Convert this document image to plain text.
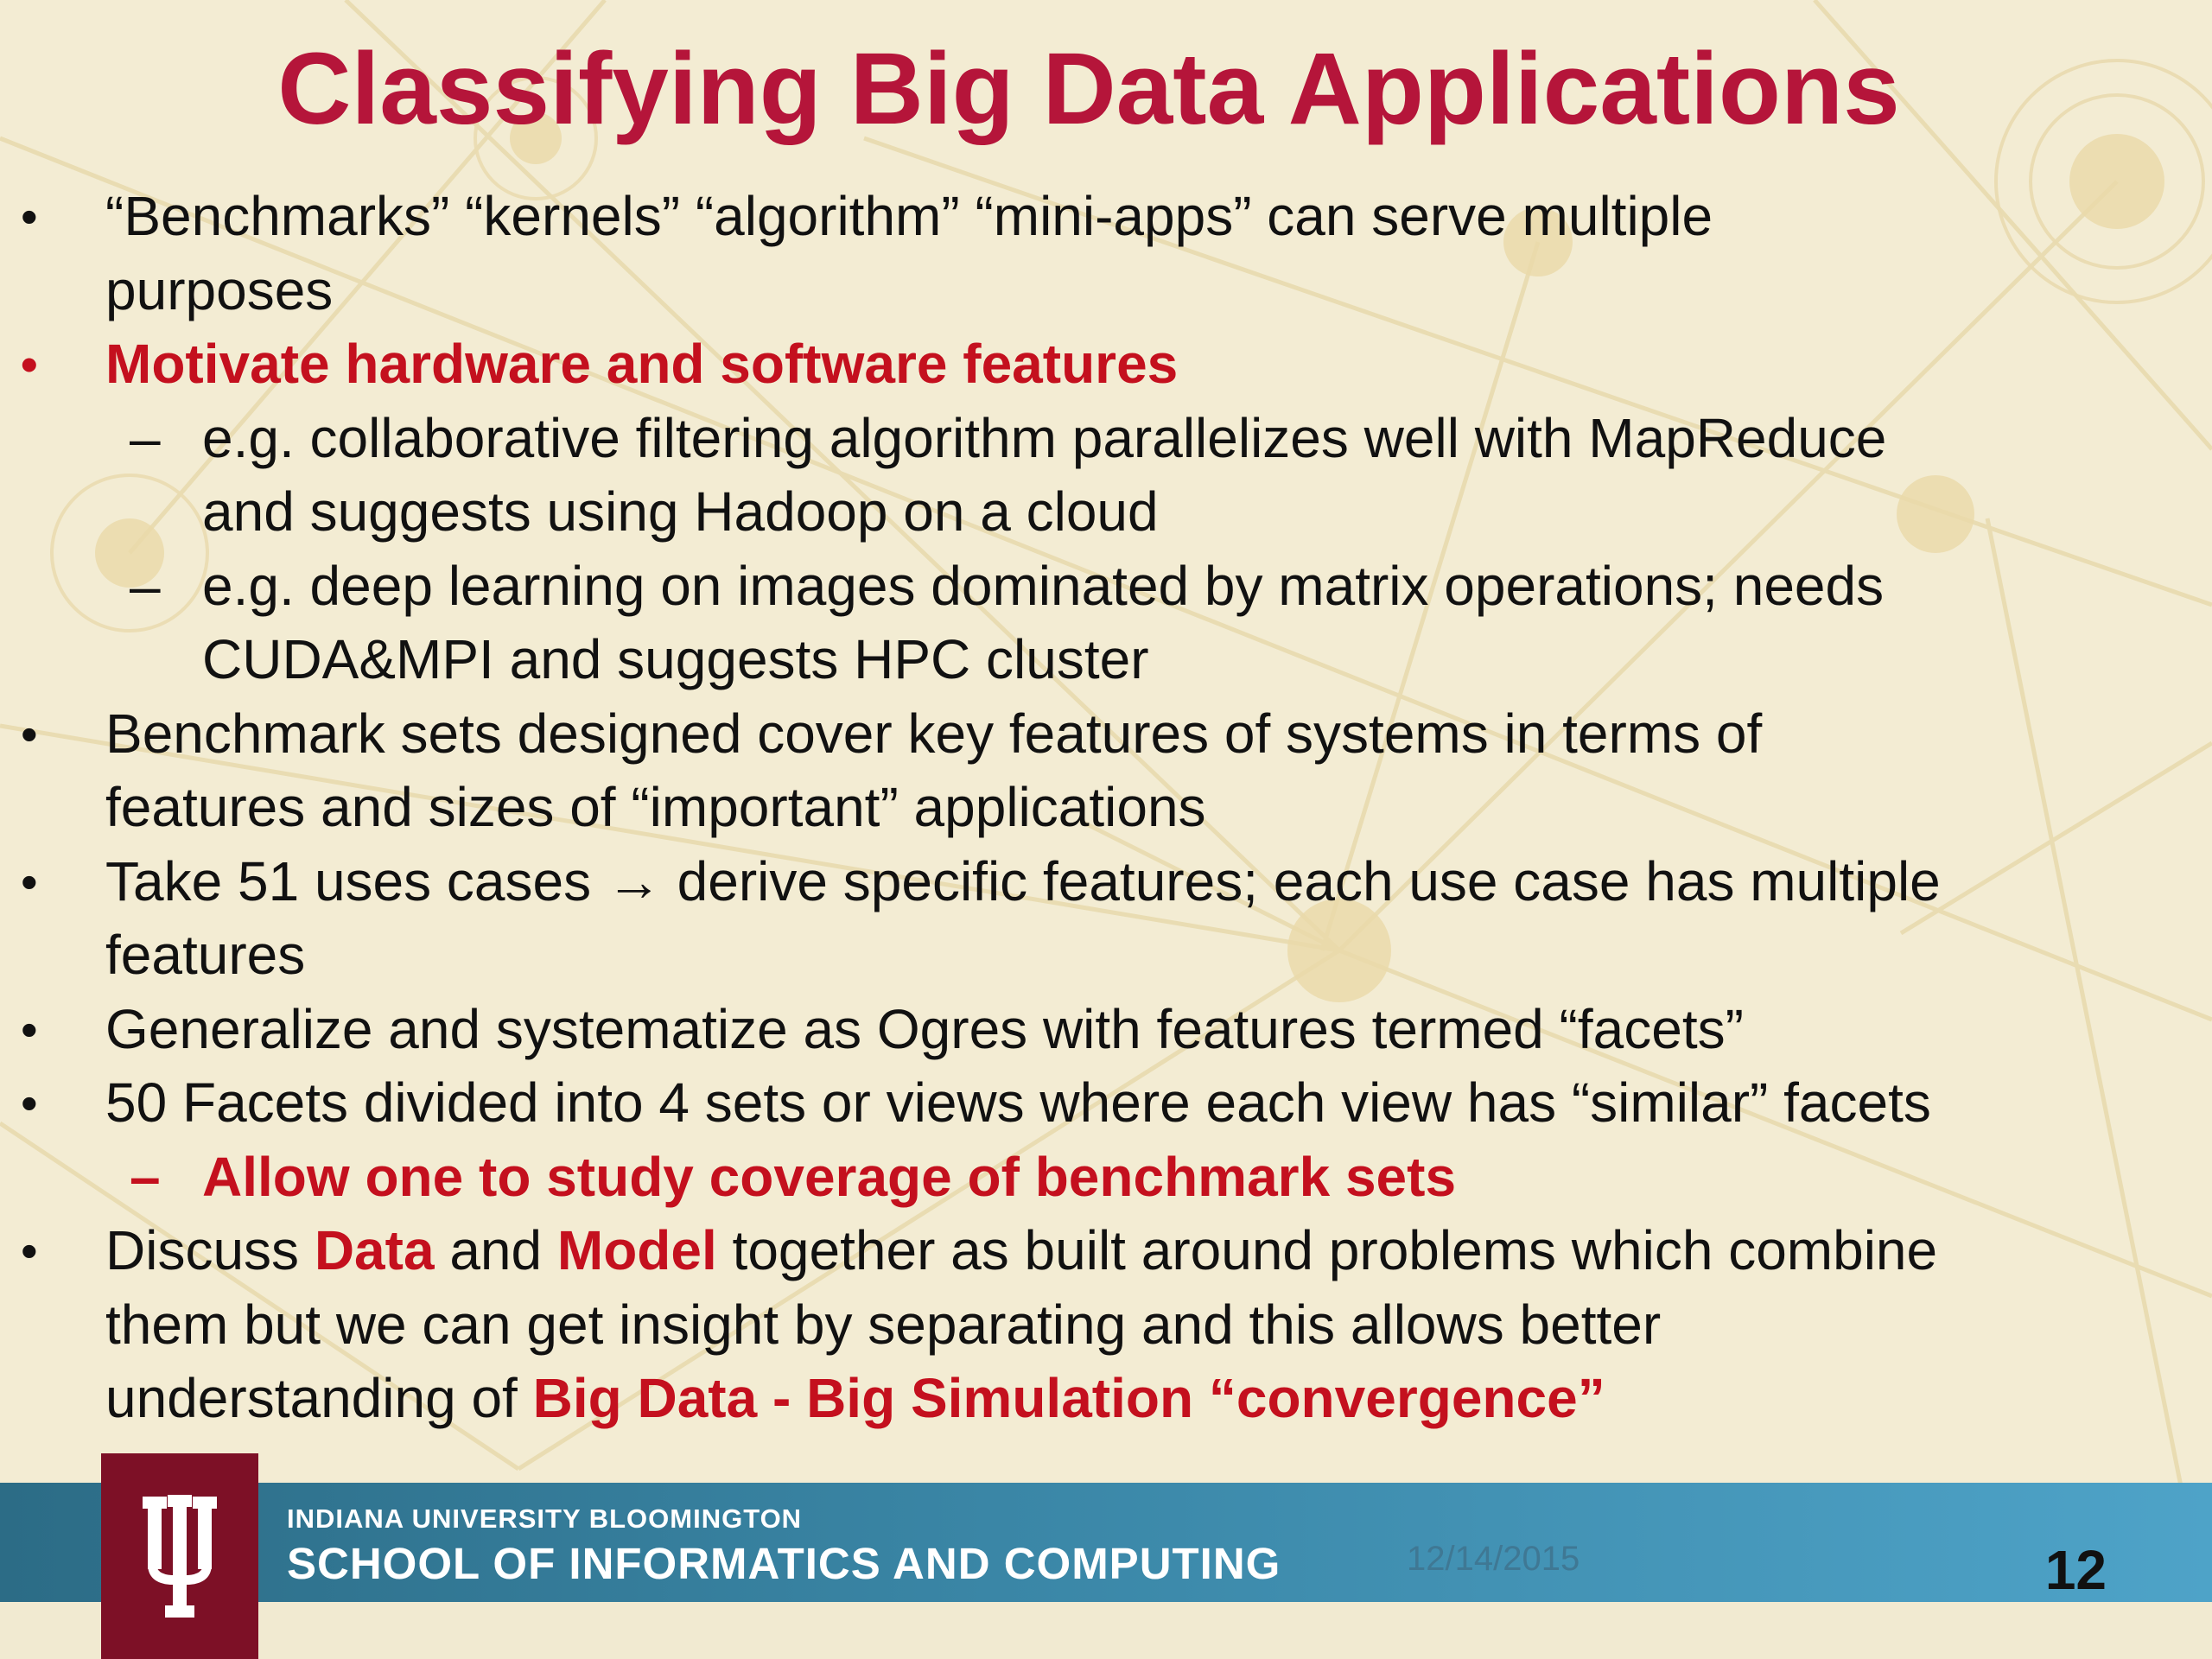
Classifying Big Data Applications
• “Benchmarks” “kernels” “algorithm” “mini-apps” can serve multiple
purposes
• Motivate hardware and software features
– e.g. collaborative filtering algorithm parallelizes well with MapReduce
and suggests using Hadoop on a cloud
– e.g. deep learning on images dominated by matrix operations; needs
CUDA&MPI and suggests HPC cluster
• Benchmark sets designed cover key features of systems in terms of
features and sizes of “important” applications
• Take 51 uses cases → derive specific features; each use case has multiple
features
• Generalize and systematize as Ogres with features termed “facets”
• 50 Facets divided into 4 sets or views where each view has “similar” facets
– Allow one to study coverage of benchmark sets
• Discuss Data and Model together as built around problems which combine
them but we can get insight by separating and this allows better
understanding of Big Data - Big Simulation “convergence”
INDIANA UNIVERSITY BLOOMINGTON
SCHOOL OF INFORMATICS AND COMPUTING	12/14/2015	12
